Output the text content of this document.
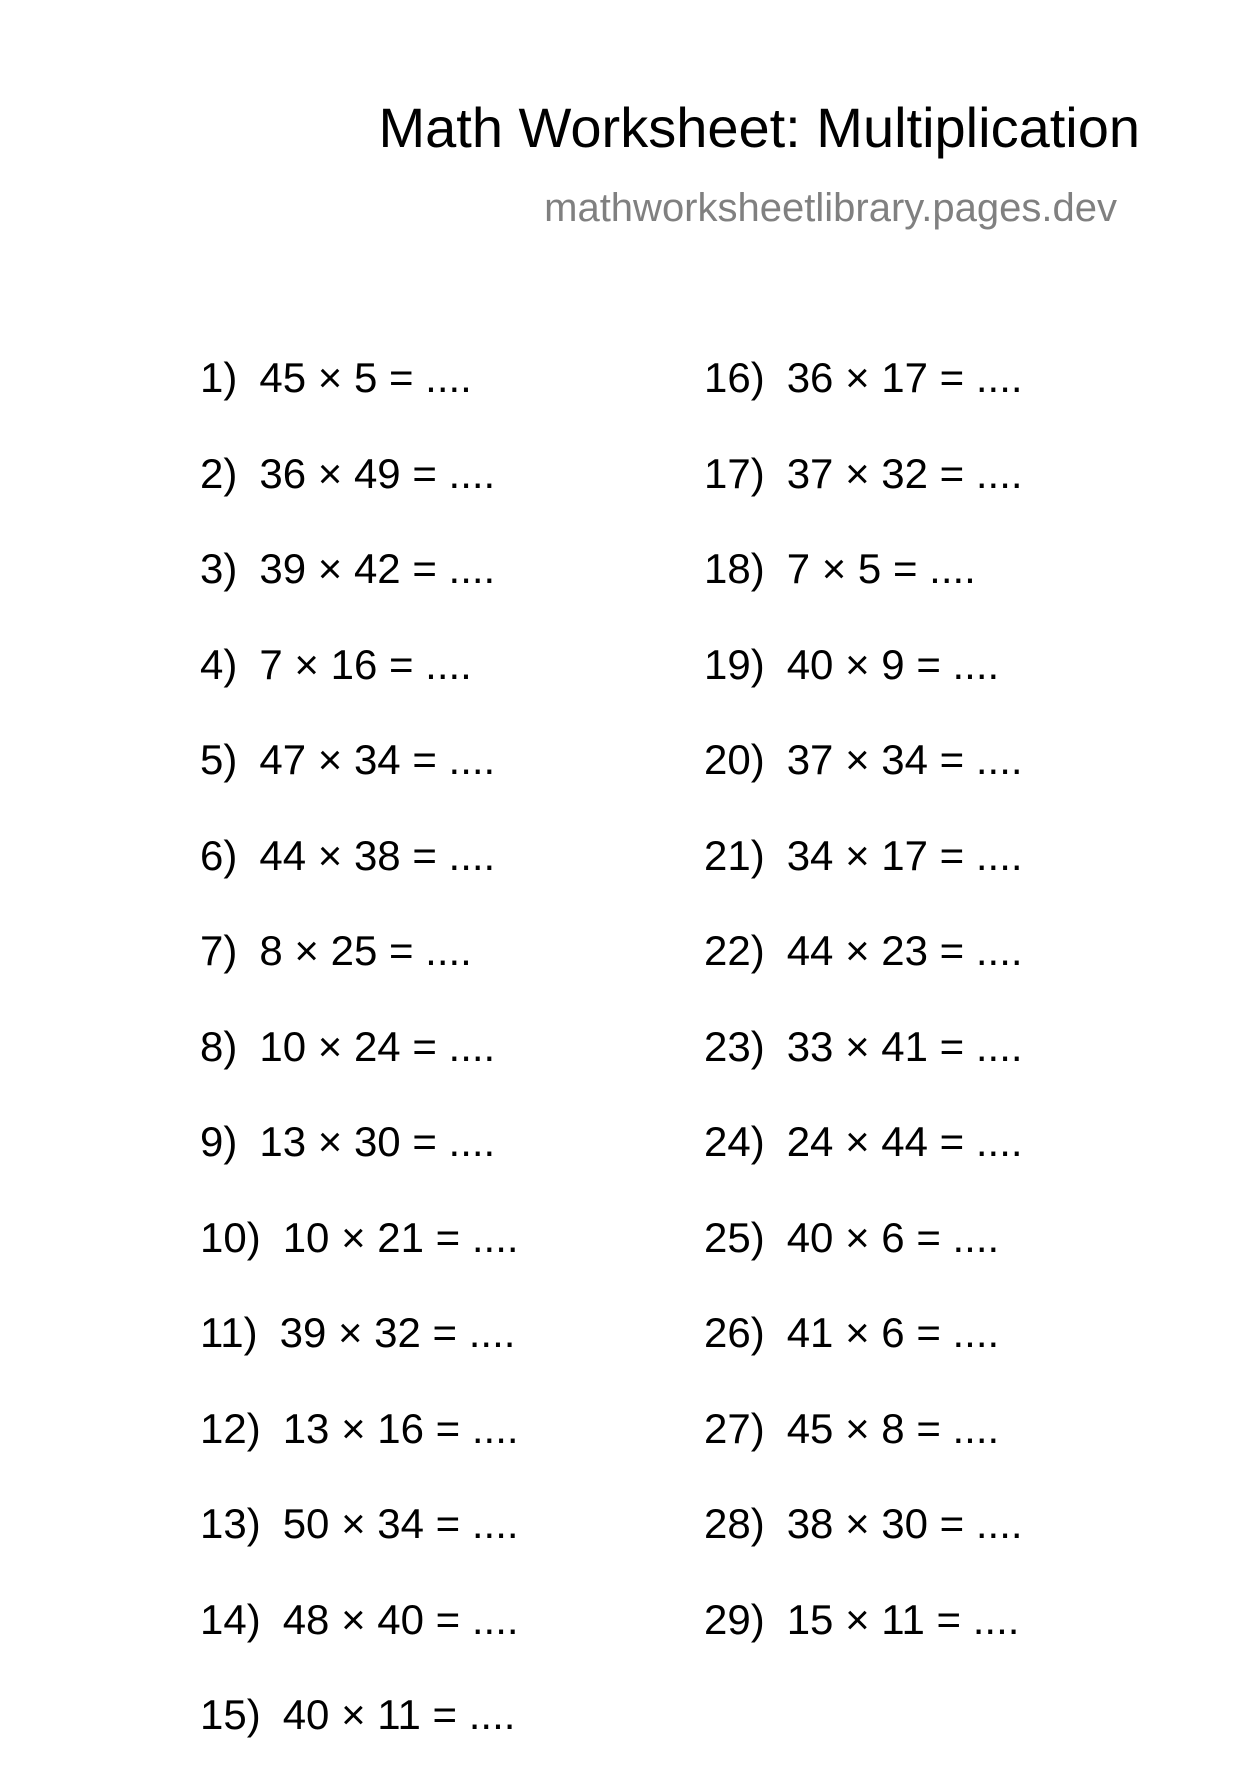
Math Worksheet: Multiplication
mathworksheetlibrary.pages.dev
1) 45 × 5 = ....
2) 36 × 49 = ....
3) 39 × 42 = ....
4) 7 × 16 = ....
5) 47 × 34 = ....
6) 44 × 38 = ....
7) 8 × 25 = ....
8) 10 × 24 = ....
9) 13 × 30 = ....
10) 10 × 21 = ....
11) 39 × 32 = ....
12) 13 × 16 = ....
13) 50 × 34 = ....
14) 48 × 40 = ....
15) 40 × 11 = ....
16) 36 × 17 = ....
17) 37 × 32 = ....
18) 7 × 5 = ....
19) 40 × 9 = ....
20) 37 × 34 = ....
21) 34 × 17 = ....
22) 44 × 23 = ....
23) 33 × 41 = ....
24) 24 × 44 = ....
25) 40 × 6 = ....
26) 41 × 6 = ....
27) 45 × 8 = ....
28) 38 × 30 = ....
29) 15 × 11 = ....
